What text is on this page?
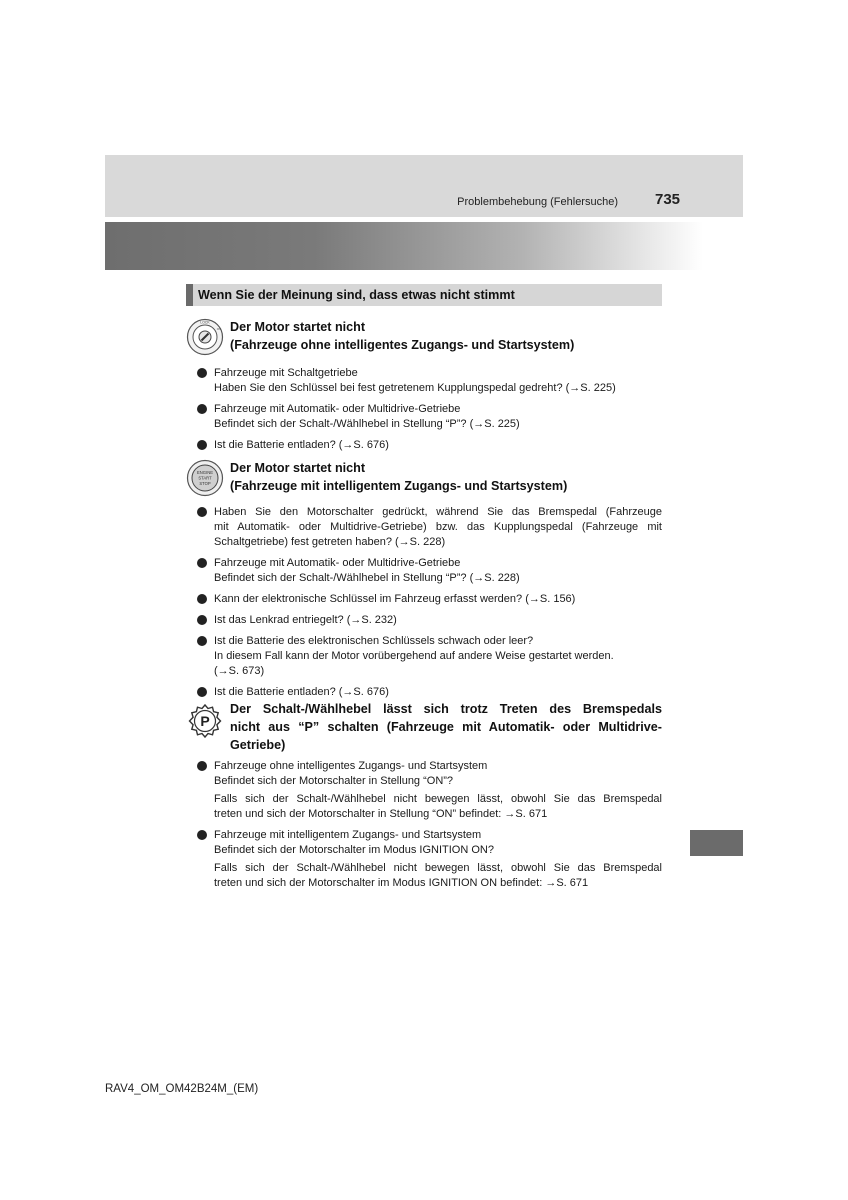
Problembehebung (Fehlersuche) 735
Wenn Sie der Meinung sind, dass etwas nicht stimmt
LOCK
ON Der Motor startet nicht
(Fahrzeuge ohne intelligentes Zugangs- und Startsystem)
Fahrzeuge mit Schaltgetriebe
Haben Sie den Schlüssel bei fest getretenem Kupplungspedal gedreht? (→S. 225)
Fahrzeuge mit Automatik- oder Multidrive-Getriebe
Befindet sich der Schalt-/Wählhebel in Stellung “P”? (→S. 225)
Ist die Batterie entladen? (→S. 676)
ENGINE
START
STOP
Der Motor startet nicht
(Fahrzeuge mit intelligentem Zugangs- und Startsystem)
Haben Sie den Motorschalter gedrückt, während Sie das Bremspedal (Fahrzeuge
mit Automatik- oder Multidrive-Getriebe) bzw. das Kupplungspedal (Fahrzeuge mit
Schaltgetriebe) fest getreten haben? (→S. 228)
Fahrzeuge mit Automatik- oder Multidrive-Getriebe
Befindet sich der Schalt-/Wählhebel in Stellung “P”? (→S. 228)
Kann der elektronische Schlüssel im Fahrzeug erfasst werden? (→S. 156)
Ist das Lenkrad entriegelt? (→S. 232)
Ist die Batterie des elektronischen Schlüssels schwach oder leer?
In diesem Fall kann der Motor vorübergehend auf andere Weise gestartet werden.
(→S. 673)
Ist die Batterie entladen? (→S. 676)
P
Der Schalt-/Wählhebel lässt sich trotz Treten des Bremspedals
nicht aus “P” schalten (Fahrzeuge mit Automatik- oder Multidrive-
Getriebe)
Fahrzeuge ohne intelligentes Zugangs- und Startsystem
Befindet sich der Motorschalter in Stellung “ON”?
Falls sich der Schalt-/Wählhebel nicht bewegen lässt, obwohl Sie das Bremspedal
treten und sich der Motorschalter in Stellung “ON” befindet: →S. 671
Fahrzeuge mit intelligentem Zugangs- und Startsystem
Befindet sich der Motorschalter im Modus IGNITION ON?
Falls sich der Schalt-/Wählhebel nicht bewegen lässt, obwohl Sie das Bremspedal
treten und sich der Motorschalter im Modus IGNITION ON befindet: →S. 671
RAV4_OM_OM42B24M_(EM)
